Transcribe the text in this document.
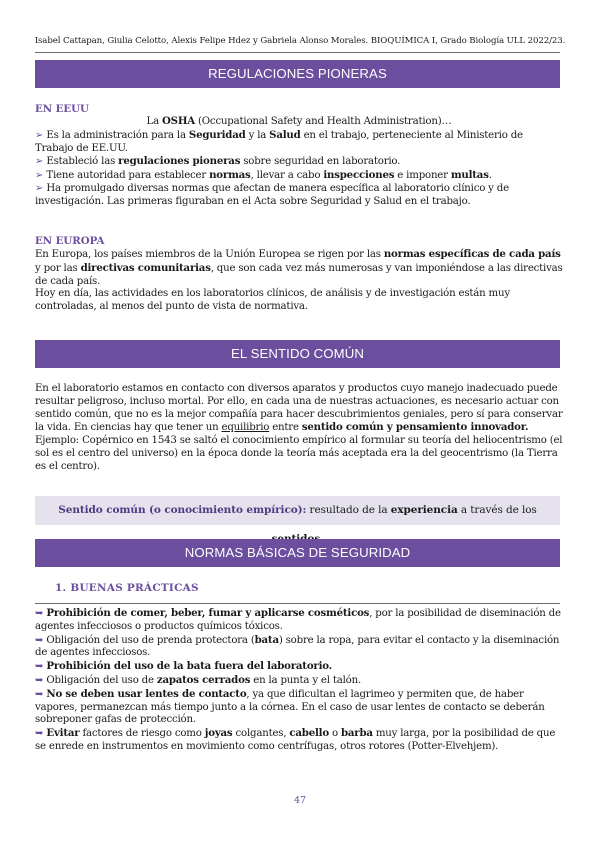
Isabel Cattapan, Giulia Celotto, Alexis Felipe Hdez y Gabriela Alonso Morales. BIOQUÍMICA I, Grado Biología ULL 2022/23.
REGULACIONES PIONERAS
EN EEUU

La OSHA (Occupational Safety and Health Administration)…

➢ Es la administración para la Seguridad y la Salud en el trabajo, perteneciente al Ministerio de Trabajo de EE.UU.

➢ Estableció las regulaciones pioneras sobre seguridad en laboratorio.

➢ Tiene autoridad para establecer normas, llevar a cabo inspecciones e imponer multas.

➢ Ha promulgado diversas normas que afectan de manera específica al laboratorio clínico y de investigación. Las primeras figuraban en el Acta sobre Seguridad y Salud en el trabajo.

EN EUROPA

En Europa, los países miembros de la Unión Europea se rigen por las normas específicas de cada país y por las directivas comunitarias, que son cada vez más numerosas y van imponiéndose a las directivas de cada país.

Hoy en día, las actividades en los laboratorios clínicos, de análisis y de investigación están muy controladas, al menos del punto de vista de normativa.

EL SENTIDO COMÚN

En el laboratorio estamos en contacto con diversos aparatos y productos cuyo manejo inadecuado puede resultar peligroso, incluso mortal. Por ello, en cada una de nuestras actuaciones, es necesario actuar con sentido común, que no es la mejor compañía para hacer descubrimientos geniales, pero sí para conservar la vida. En ciencias hay que tener un equilibrio entre sentido común y pensamiento innovador.

Ejemplo: Copérnico en 1543 se saltó el conocimiento empírico al formular su teoría del heliocentrismo (el sol es el centro del universo) en la época donde la teoría más aceptada era la del geocentrismo (la Tierra es el centro).

Sentido común (o conocimiento empírico): resultado de la experiencia a través de los
NORMAS BÁSICAS DE SEGURIDAD
1. BUENAS PRÁCTICAS

➥ Prohibición de comer, beber, fumar y aplicarse cosméticos, por la posibilidad de diseminación de agentes infecciosos o productos químicos tóxicos.

➥ Obligación del uso de prenda protectora (bata) sobre la ropa, para evitar el contacto y la diseminación de agentes infecciosos.

➥ Prohibición del uso de la bata fuera del laboratorio.

➥ Obligación del uso de zapatos cerrados en la punta y el talón.

➥ No se deben usar lentes de contacto, ya que dificultan el lagrimeo y permiten que, de haber vapores, permanezcan más tiempo junto a la córnea. En el caso de usar lentes de contacto se deberán sobreponer gafas de protección.

➥ Evitar factores de riesgo como joyas colgantes, cabello o barba muy larga, por la posibilidad de que se enrede en instrumentos en movimiento como centrífugas, otros rotores (Potter-Elvehjem).

47
